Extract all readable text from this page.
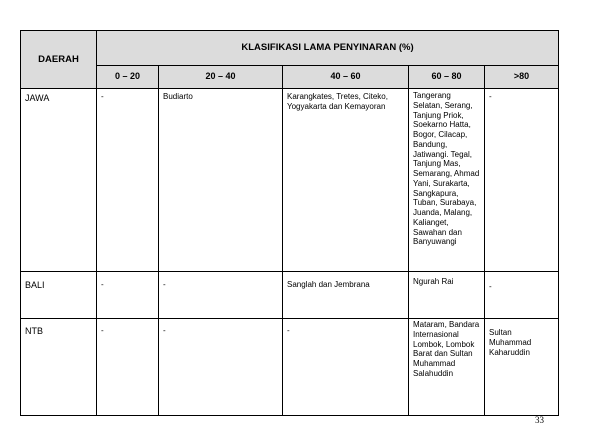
DAERAH	KLASIFIKASI LAMA PENYINARAN (%)				
	0 – 20	20 – 40	40 – 60	60 – 80	>80
JAWA	-	Budiarto	Karangkates, Tretes, Citeko, Yogyakarta dan Kemayoran	Tangerang Selatan, Serang, Tanjung Priok, Soekarno Hatta, Bogor, Cilacap, Bandung, Jatiwangi. Tegal, Tanjung Mas, Semarang, Ahmad Yani, Surakarta, Sangkapura, Tuban, Surabaya, Juanda, Malang, Kalianget, Sawahan dan Banyuwangi	-
BALI	-	-	Sanglah dan Jembrana	Ngurah Rai	-
NTB	-	-	-	Mataram, Bandara Internasional Lombok, Lombok Barat dan Sultan Muhammad Salahuddin	Sultan Muhammad Kaharuddin
33
